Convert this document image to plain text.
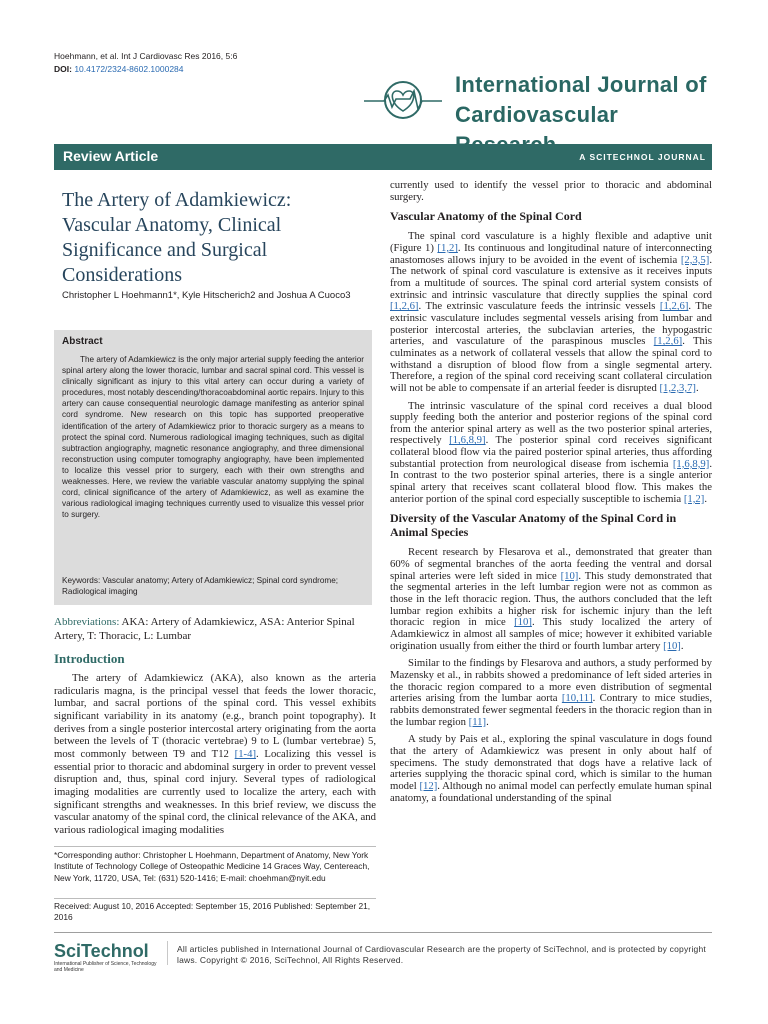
Hoehmann, et al. Int J Cardiovasc Res 2016, 5:6
DOI: 10.4172/2324-8602.1000284
International Journal of
Cardiovascular
Review Article	A SCITECHNOL JOURNAL
The Artery of Adamkiewicz: Vascular Anatomy, Clinical Significance and Surgical Considerations
Christopher L Hoehmann1*, Kyle Hitscherich2 and Joshua A Cuoco3
Abstract
The artery of Adamkiewicz is the only major arterial supply feeding the anterior spinal artery along the lower thoracic, lumbar and sacral spinal cord. This vessel is clinically significant as injury to this vital artery can occur during a variety of procedures, most notably descending/thoracoabdominal aortic repairs. Injury to this artery can cause consequential neurologic damage manifesting as anterior spinal cord syndrome. New research on this topic has supported preoperative identification of the artery of Adamkiewicz prior to thoracic surgery as a means to protect the spinal cord. Numerous radiological imaging techniques, such as digital subtraction angiography, magnetic resonance angiography, and three dimensional reconstruction using computer tomography angiography, have been implemented to localize this vessel prior to surgery, each with their own strengths and weaknesses. Here, we review the variable vascular anatomy supplying the spinal cord, clinical significance of the artery of Adamkiewicz, as well as examine the various radiological imaging techniques currently used to visualize this vessel prior to surgery.
Keywords: Vascular anatomy; Artery of Adamkiewicz; Spinal cord syndrome; Radiological imaging
Abbreviations: AKA: Artery of Adamkiewicz, ASA: Anterior Spinal Artery, T: Thoracic, L: Lumbar
Introduction
The artery of Adamkiewicz (AKA), also known as the arteria radicularis magna, is the principal vessel that feeds the lower thoracic, lumbar, and sacral portions of the spinal cord. This vessel exhibits significant variability in its anatomy (e.g., branch point topography). It derives from a single posterior intercostal artery originating from the aorta between the levels of T (thoracic vertebrae) 9 to L (lumbar vertebrae) 5, most commonly between T9 and T12 [1-4]. Localizing this vessel is essential prior to thoracic and abdominal surgery in order to prevent vessel disruption and, thus, spinal cord injury. Several types of radiological imaging modalities are currently used to localize the artery, each with significant strengths and weaknesses. In this brief review, we discuss the vascular anatomy of the spinal cord, the clinical relevance of the AKA, and various radiological imaging modalities
*Corresponding author: Christopher L Hoehmann, Department of Anatomy, New York Institute of Technology College of Osteopathic Medicine 14 Graces Way, Centereach, New York, 11720, USA, Tel: (631) 520-1416; E-mail: choehman@nyit.edu
Received: August 10, 2016 Accepted: September 15, 2016 Published: September 21, 2016

currently used to identify the vessel prior to thoracic and abdominal surgery.

Vascular Anatomy of the Spinal Cord

The spinal cord vasculature is a highly flexible and adaptive unit (Figure 1) [1,2]. Its continuous and longitudinal nature of interconnecting anastomoses allows injury to be avoided in the event of ischemia [2,3,5]. The network of spinal cord vasculature is extensive as it receives inputs from a multitude of sources. The spinal cord arterial system consists of extrinsic and intrinsic vasculature that directly supplies the spinal cord [1,2,6]. The extrinsic vasculature feeds the intrinsic vessels [1,2,6]. The extrinsic vasculature includes segmental vessels arising from lumbar and posterior intercostal arteries, the subclavian arteries, the hypogastric arteries, and vasculature of the paraspinous muscles [1,2,6]. This culminates as a network of collateral vessels that allow the spinal cord to withstand a disruption of blood flow from a single segmental artery. Therefore, a region of the spinal cord receiving scant collateral circulation will not be able to compensate if an arterial feeder is disrupted [1,2,3,7].

The intrinsic vasculature of the spinal cord receives a dual blood supply feeding both the anterior and posterior regions of the spinal cord from the anterior spinal artery as well as the two posterior spinal arteries, respectively [1,6,8,9]. The posterior spinal cord receives significant collateral blood flow via the paired posterior spinal arteries, thus affording substantial protection from neurological disease from ischemia [1,6,8,9]. In contrast to the two posterior spinal arteries, there is a single anterior spinal artery that receives scant collateral blood flow. This makes the anterior portion of the spinal cord especially susceptible to ischemia [1,2].

Diversity of the Vascular Anatomy of the Spinal Cord in Animal Species

Recent research by Flesarova et al., demonstrated that greater than 60% of segmental branches of the aorta feeding the ventral and dorsal spinal arteries were left sided in mice [10]. This study demonstrated that the segmental arteries in the left lumbar region were not as common as those in the left thoracic region. Thus, the authors concluded that the left lumbar region exhibits a higher risk for ischemic injury than the left thoracic region in mice [10]. This study localized the artery of Adamkiewicz in almost all samples of mice; however it exhibited variable origination usually from either the third or fourth lumbar artery [10].

Similar to the findings by Flesarova and authors, a study performed by Mazensky et al., in rabbits showed a predominance of left sided arteries in the thoracic region compared to a more even distribution of segmental arteries arising from the lumbar aorta [10,11]. Contrary to mice studies, rabbits demonstrated fewer segmental feeders in the thoracic region than in the lumbar region [11].

A study by Pais et al., exploring the spinal vasculature in dogs found that the artery of Adamkiewicz was present in only about half of specimens. The study demonstrated that dogs have a relative lack of arteries supplying the thoracic spinal cord, which is similar to the human model [12]. Although no animal model can perfectly emulate human spinal anatomy, a foundational understanding of the spinal

SciTechnol
International Publisher of Science, Technology and Medicine
All articles published in International Journal of Cardiovascular Research are the property of SciTechnol, and is protected by copyright laws. Copyright © 2016, SciTechnol, All Rights Reserved.
